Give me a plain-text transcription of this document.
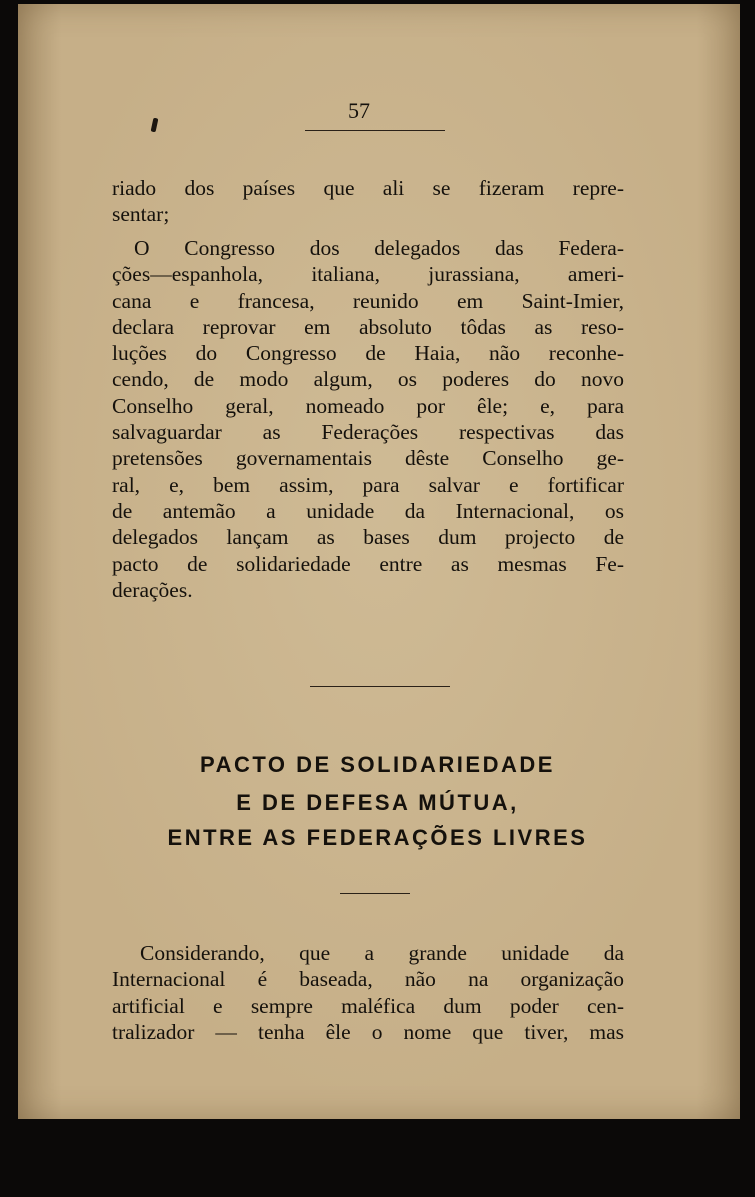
57
riado dos países que ali se fizeram repre-
sentar;
O Congresso dos delegados das Federa-
ções—espanhola, italiana, jurassiana, ameri-
cana e francesa, reunido em Saint-Imier,
declara reprovar em absoluto tôdas as reso-
luções do Congresso de Haia, não reconhe-
cendo, de modo algum, os poderes do novo
Conselho geral, nomeado por êle; e, para
salvaguardar as Federações respectivas das
pretensões governamentais dêste Conselho ge-
ral, e, bem assim, para salvar e fortificar
de antemão a unidade da Internacional, os
delegados lançam as bases dum projecto de
pacto de solidariedade entre as mesmas Fe-
derações.
PACTO DE SOLIDARIEDADE
E DE DEFESA MÚTUA,
ENTRE AS FEDERAÇÕES LIVRES
Considerando, que a grande unidade da
Internacional é baseada, não na organização
artificial e sempre maléfica dum poder cen-
tralizador — tenha êle o nome que tiver, mas
